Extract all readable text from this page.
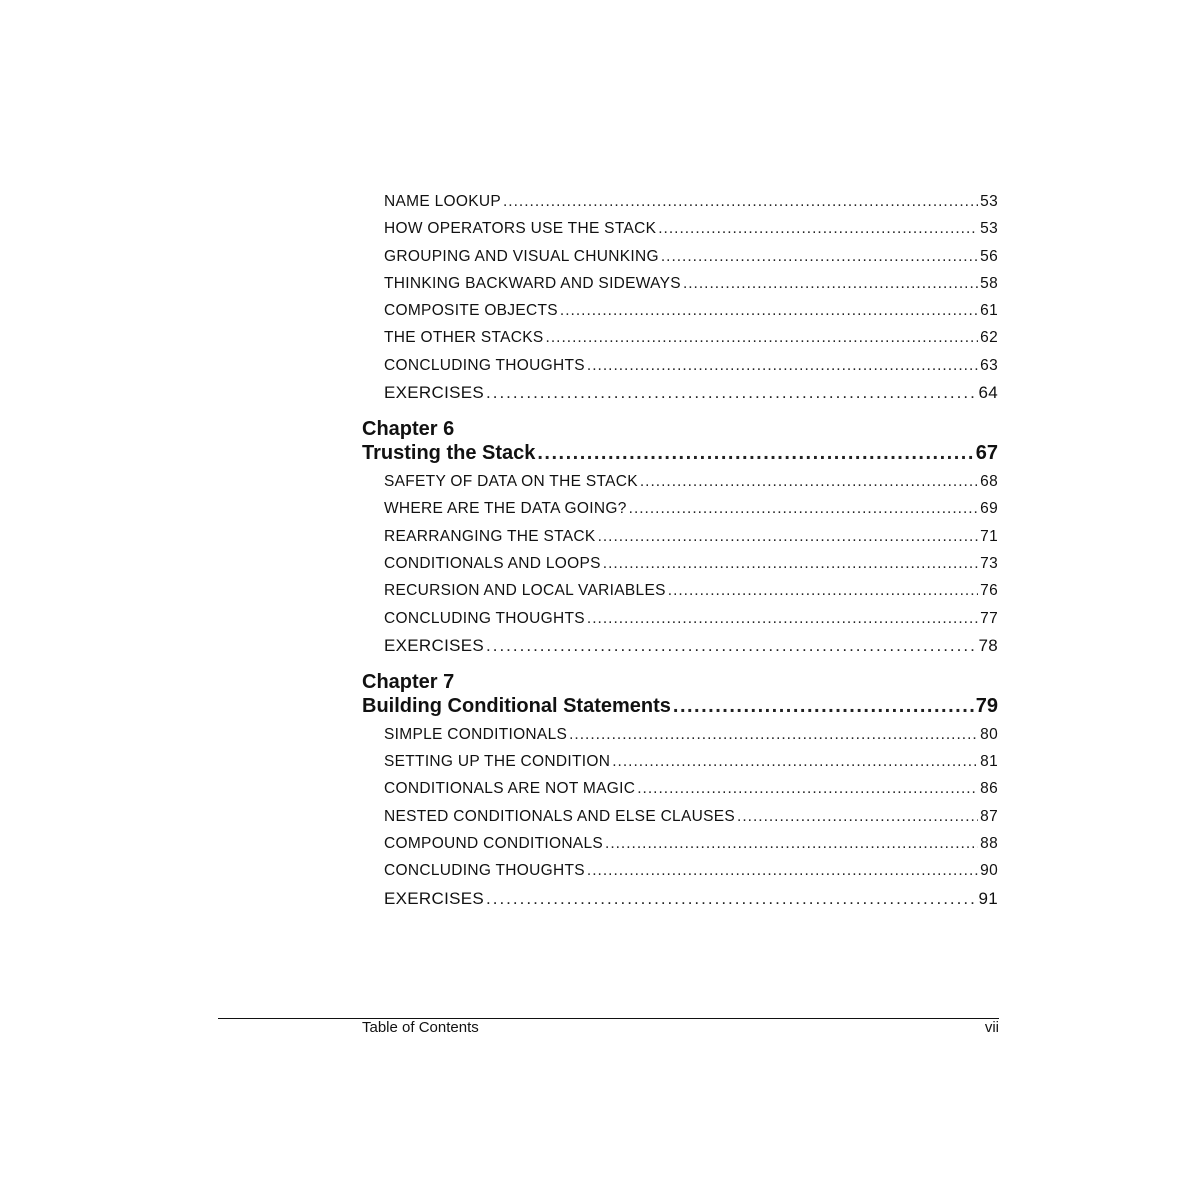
NAME LOOKUP .....	53
HOW OPERATORS USE THE STACK .....	53
GROUPING AND VISUAL CHUNKING .....	56
THINKING BACKWARD AND SIDEWAYS .....	58
COMPOSITE OBJECTS .....	61
THE OTHER STACKS .....	62
CONCLUDING THOUGHTS .....	63
EXERCISES .....	64
Chapter 6
Trusting the Stack .....	67
SAFETY OF DATA ON THE STACK .....	68
WHERE ARE THE DATA GOING? .....	69
REARRANGING THE STACK .....	71
CONDITIONALS AND LOOPS .....	73
RECURSION AND LOCAL VARIABLES .....	76
CONCLUDING THOUGHTS .....	77
EXERCISES .....	78
Chapter 7
Building Conditional Statements .....	79
SIMPLE CONDITIONALS .....	80
SETTING UP THE CONDITION .....	81
CONDITIONALS ARE NOT MAGIC .....	86
NESTED CONDITIONALS AND ELSE CLAUSES .....	87
COMPOUND CONDITIONALS .....	88
CONCLUDING THOUGHTS .....	90
EXERCISES .....	91
Table of Contents	vii
